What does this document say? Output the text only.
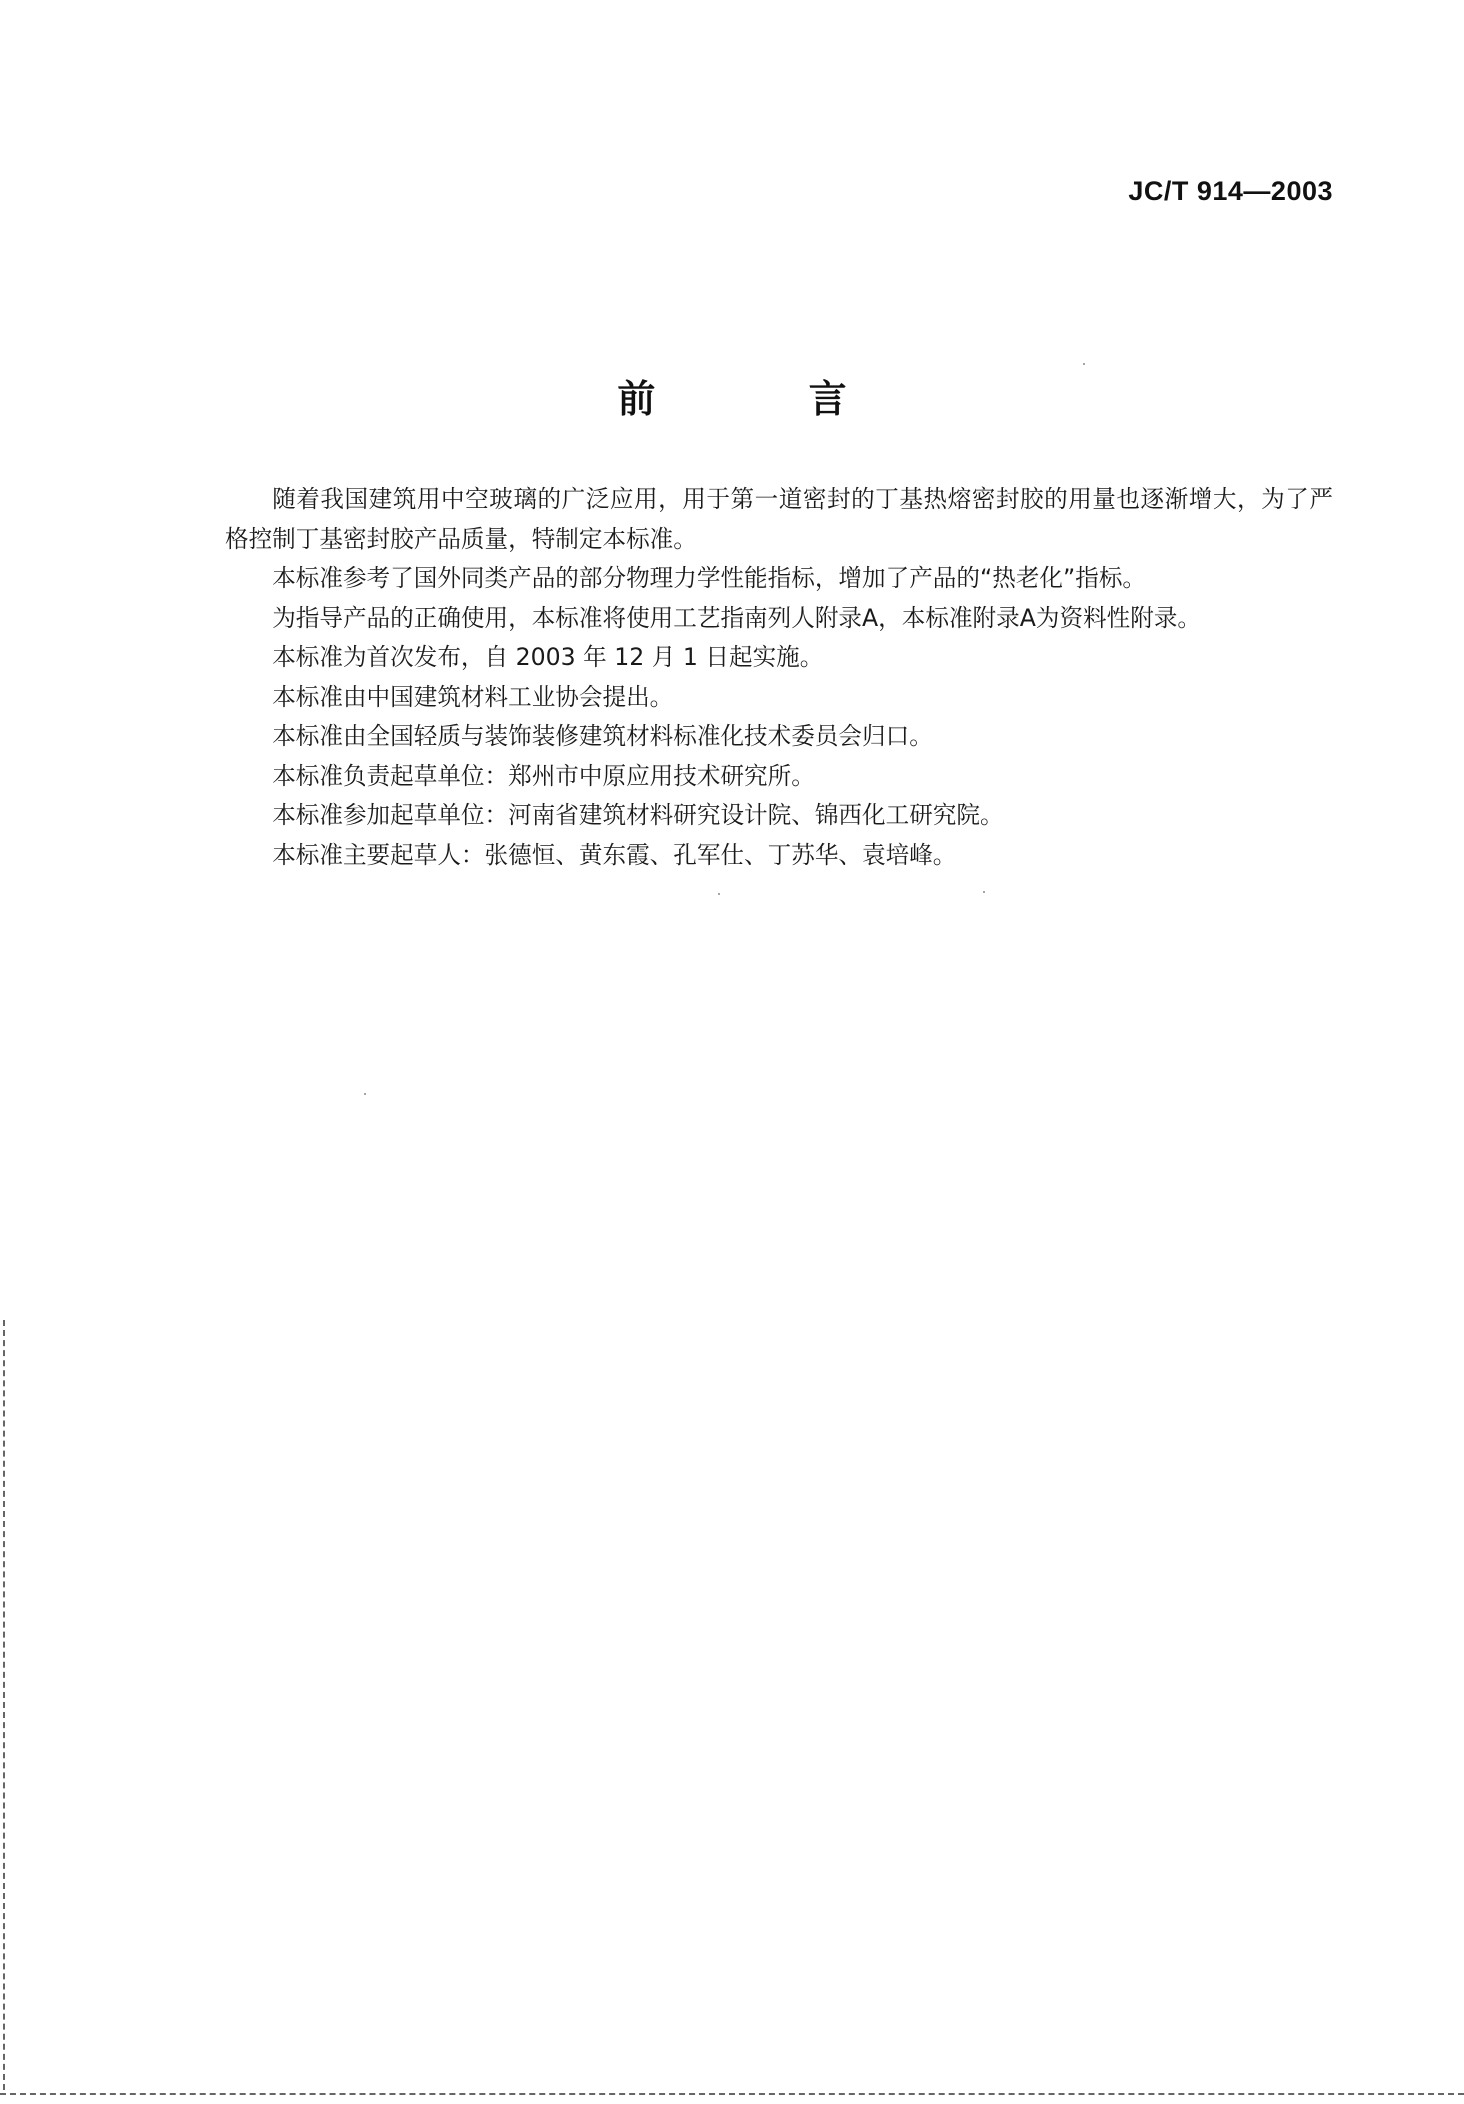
JC/T 914—2003
前 言

随着我国建筑用中空玻璃的广泛应用，用于第一道密封的丁基热熔密封胶的用量也逐渐增大，为了严格控制丁基密封胶产品质量，特制定本标准。

本标准参考了国外同类产品的部分物理力学性能指标，增加了产品的“热老化”指标。

为指导产品的正确使用，本标准将使用工艺指南列人附录A，本标准附录A为资料性附录。

本标准为首次发布，自 2003 年 12 月 1 日起实施。

本标准由中国建筑材料工业协会提出。

本标准由全国轻质与装饰装修建筑材料标准化技术委员会归口。

本标准负责起草单位：郑州市中原应用技术研究所。

本标准参加起草单位：河南省建筑材料研究设计院、锦西化工研究院。

本标准主要起草人：张德恒、黄东霞、孔军仕、丁苏华、袁培峰。
